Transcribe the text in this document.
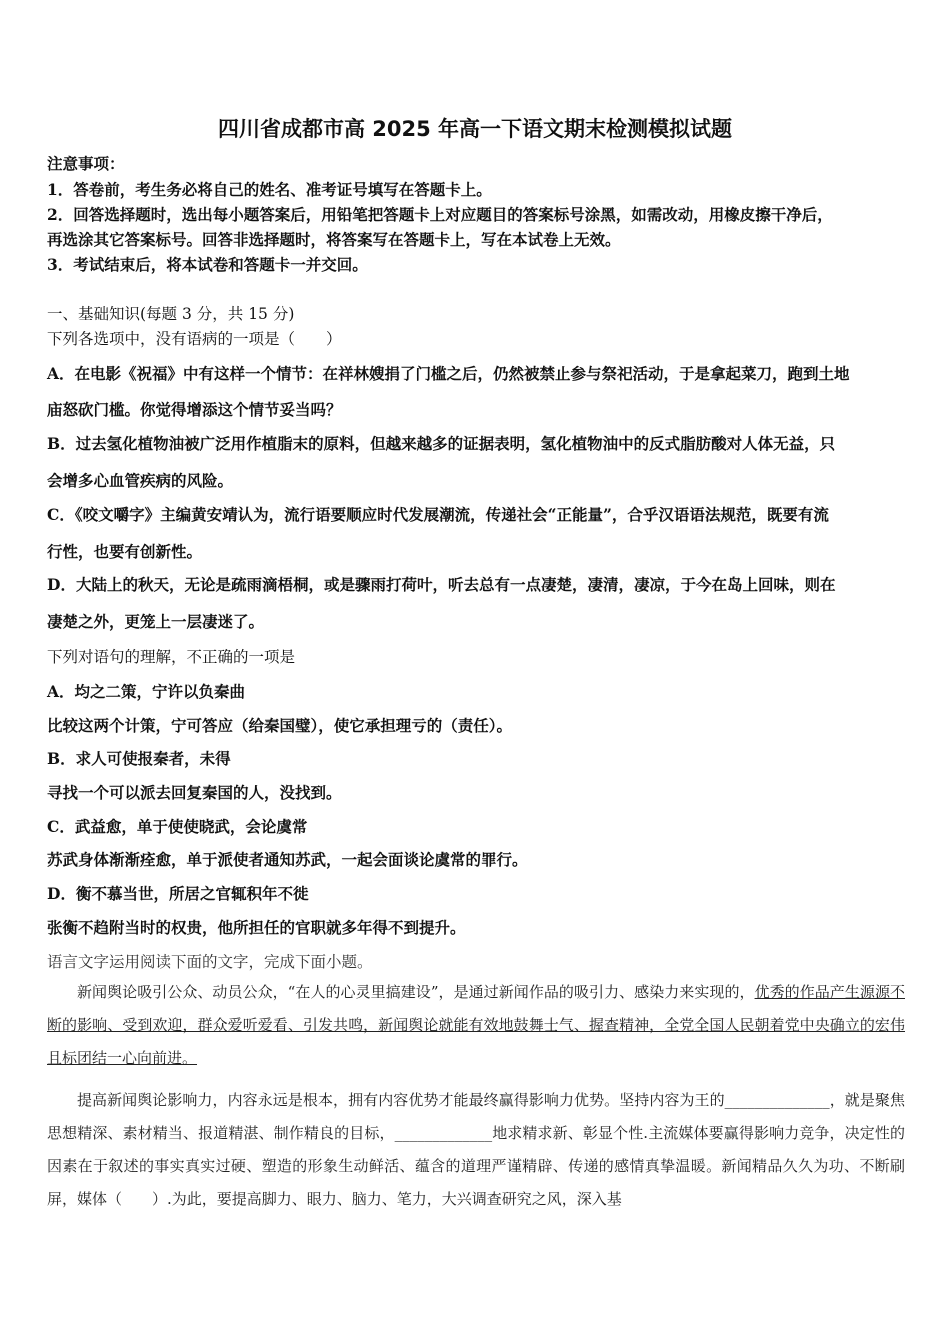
四川省成都市高 2025 年高一下语文期末检测模拟试题
注意事项：
1．答卷前，考生务必将自己的姓名、准考证号填写在答题卡上。
2．回答选择题时，选出每小题答案后，用铅笔把答题卡上对应题目的答案标号涂黑，如需改动，用橡皮擦干净后，
再选涂其它答案标号。回答非选择题时，将答案写在答题卡上，写在本试卷上无效。
3．考试结束后，将本试卷和答题卡一并交回。
一、基础知识(每题 3 分，共 15 分)
下列各选项中，没有语病的一项是（　　）
A．在电影《祝福》中有这样一个情节：在祥林嫂捐了门槛之后，仍然被禁止参与祭祀活动，于是拿起菜刀，跑到土地
庙怒砍门槛。你觉得增添这个情节妥当吗？
B．过去氢化植物油被广泛用作植脂末的原料，但越来越多的证据表明，氢化植物油中的反式脂肪酸对人体无益，只
会增多心血管疾病的风险。
C．《咬文嚼字》主编黄安靖认为，流行语要顺应时代发展潮流，传递社会“正能量”，合乎汉语语法规范，既要有流
行性，也要有创新性。
D．大陆上的秋天，无论是疏雨滴梧桐，或是骤雨打荷叶，听去总有一点凄楚，凄清，凄凉，于今在岛上回味，则在
凄楚之外，更笼上一层凄迷了。
下列对语句的理解，不正确的一项是
A．均之二策，宁许以负秦曲
比较这两个计策，宁可答应（给秦国璧），使它承担理亏的（责任）。
B．求人可使报秦者，未得
寻找一个可以派去回复秦国的人，没找到。
C．武益愈，单于使使晓武，会论虞常
苏武身体渐渐痊愈，单于派使者通知苏武，一起会面谈论虞常的罪行。
D．衡不慕当世，所居之官辄积年不徙
张衡不趋附当时的权贵，他所担任的官职就多年得不到提升。
语言文字运用阅读下面的文字，完成下面小题。
新闻舆论吸引公众、动员公众，“在人的心灵里搞建设”，是通过新闻作品的吸引力、感染力来实现的，优秀的作品产生源源不断的影响、受到欢迎，群众爱听爱看、引发共鸣，新闻舆论就能有效地鼓舞士气、握查精神，全党全国人民朝着党中央确立的宏伟且标团结一心向前进。
提高新闻舆论影响力，内容永远是根本，拥有内容优势才能最终赢得影响力优势。坚持内容为王的______________，就是聚焦思想精深、素材精当、报道精湛、制作精良的目标，_____________地求精求新、彰显个性.主流媒体要赢得影响力竞争，决定性的因素在于叙述的事实真实过硬、塑造的形象生动鲜活、蕴含的道理严谨精辟、传递的感情真挚温暖。新闻精品久久为功、不断刷屏，媒体（　　）.为此，要提高脚力、眼力、脑力、笔力，大兴调查研究之风，深入基
